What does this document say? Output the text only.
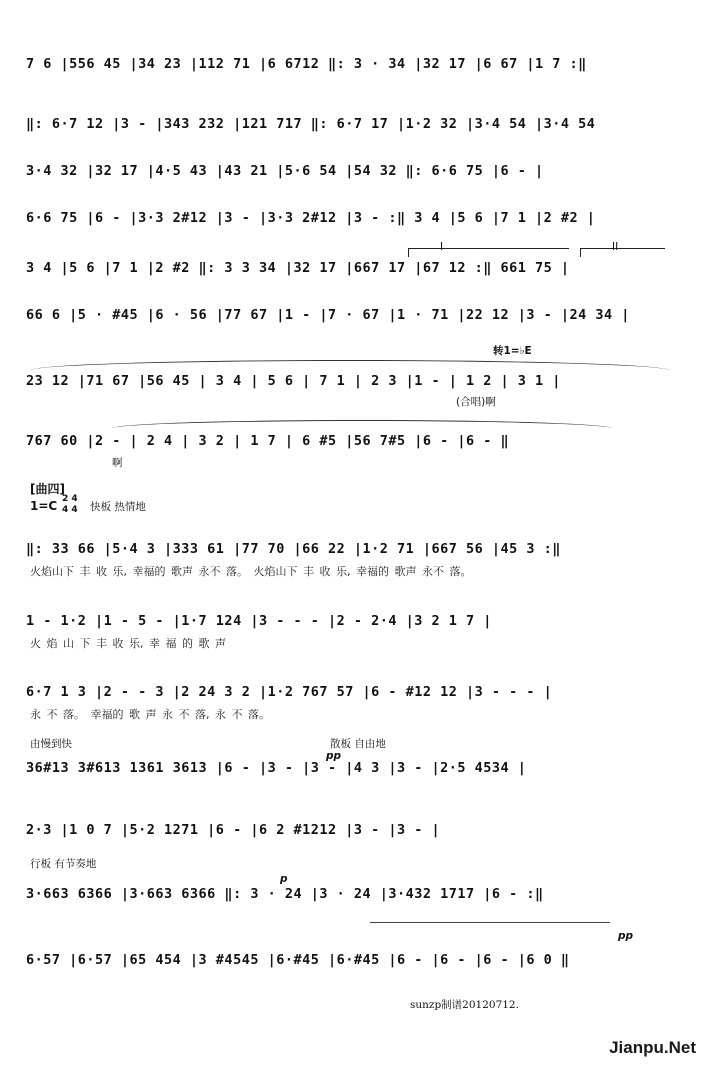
7 6 |556 45 |34 23 |112 71 |6 6712 ‖: 3 · 34 |32 17 |6 67 |1 7 :‖
‖: 6·7 12 |3 - |343 232 |121 717 ‖: 6·7 17 |1·2 32 |3·4 54 |3·4 54
3·4 32 |32 17 |4·5 43 |43 21 |5·6 54 |54 32 ‖: 6·6 75 |6 - |
6·6 75 |6 - |3·3 2#12 |3 - |3·3 2#12 |3 - :‖ 3 4 |5 6 |7 1 |2 #2 |
I	II
3 4 |5 6 |7 1 |2 #2 ‖: 3 3 34 |32 17 |667 17 |67 12 :‖ 661 75 |
66 6 |5 · #45 |6 · 56 |77 67 |1 - |7 · 67 |1 · 71 |22 12 |3 - |24 34 |
转1=♭E
23 12 |71 67 |56 45 | 3 4 | 5 6 | 7 1 | 2 3 |1 - | 1 2 | 3 1 |
(合唱)啊
767 60 |2 - | 2 4 | 3 2 | 1 7 | 6 #5 |56 7#5 |6 - |6 - ‖
啊
[曲四]
1=C 2 4
4 4 快板 热情地
‖: 33 66 |5·4 3 |333 61 |77 70 |66 22 |1·2 71 |667 56 |45 3 :‖
火焰山下 丰 收 乐, 幸福的 歌声 永不 落。 火焰山下 丰 收 乐, 幸福的 歌声 永不 落。
1 - 1·2 |1 - 5 - |1·7 124 |3 - - - |2 - 2·4 |3 2 1 7 |
火 焰 山 下 丰 收 乐, 幸 福 的 歌 声
6·7 1 3 |2 - - 3 |2 24 3 2 |1·2 767 57 |6 - #12 12 |3 - - - |
永 不 落。 幸福的 歌 声 永 不 落, 永 不 落。
由慢到快	散板 自由地
pp
36#13 3#613 1361 3613 |6 - |3 - |3 - |4 3 |3 - |2·5 4534 |
2·3 |1 0 7 |5·2 1271 |6 - |6 2 #1212 |3 - |3 - |
行板 有节奏地
p
3·663 6366 |3·663 6366 ‖: 3 · 24 |3 · 24 |3·432 1717 |6 - :‖
pp
6·57 |6·57 |65 454 |3 #4545 |6·#45 |6·#45 |6 - |6 - |6 - |6 0 ‖
sunzp制谱20120712.
Jianpu.Net
